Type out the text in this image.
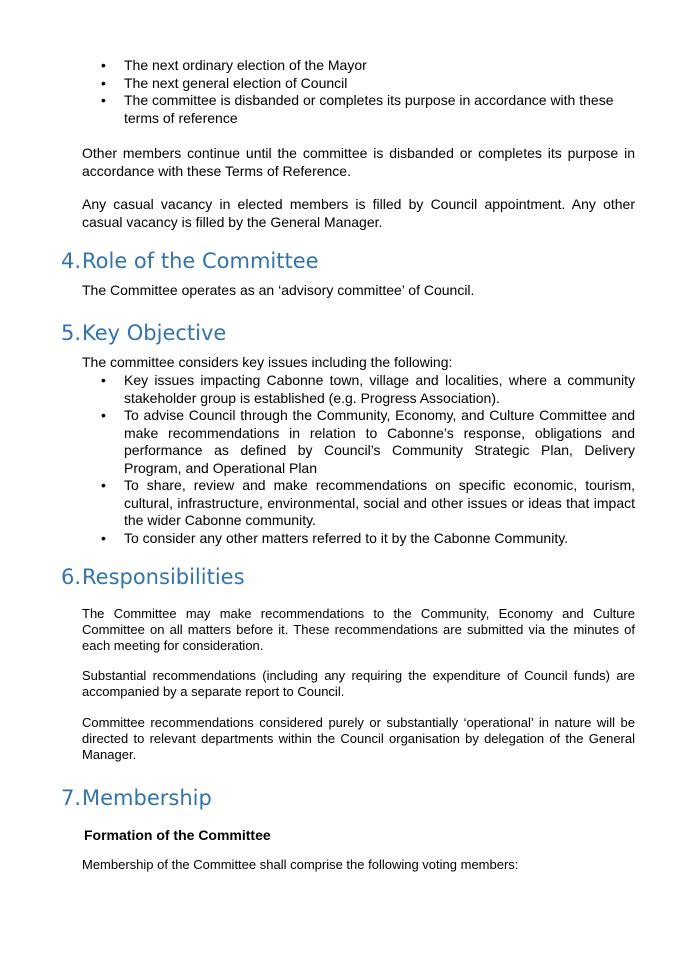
• The next ordinary election of the Mayor
• The next general election of Council
• The committee is disbanded or completes its purpose in accordance with these terms of reference

Other members continue until the committee is disbanded or completes its purpose in accordance with these Terms of Reference.

Any casual vacancy in elected members is filled by Council appointment. Any other casual vacancy is filled by the General Manager.

4.Role of the Committee

The Committee operates as an ‘advisory committee’ of Council.

5.Key Objective

The committee considers key issues including the following:

• Key issues impacting Cabonne town, village and localities, where a community stakeholder group is established (e.g. Progress Association).
• To advise Council through the Community, Economy, and Culture Committee and make recommendations in relation to Cabonne’s response, obligations and performance as defined by Council’s Community Strategic Plan, Delivery Program, and Operational Plan
• To share, review and make recommendations on specific economic, tourism, cultural, infrastructure, environmental, social and other issues or ideas that impact the wider Cabonne community.
• To consider any other matters referred to it by the Cabonne Community.
6.Responsibilities

The Committee may make recommendations to the Community, Economy and Culture Committee on all matters before it. These recommendations are submitted via the minutes of each meeting for consideration.

Substantial recommendations (including any requiring the expenditure of Council funds) are accompanied by a separate report to Council.

Committee recommendations considered purely or substantially ‘operational’ in nature will be directed to relevant departments within the Council organisation by delegation of the General Manager.

7.Membership
Formation of the Committee

Membership of the Committee shall comprise the following voting members:
